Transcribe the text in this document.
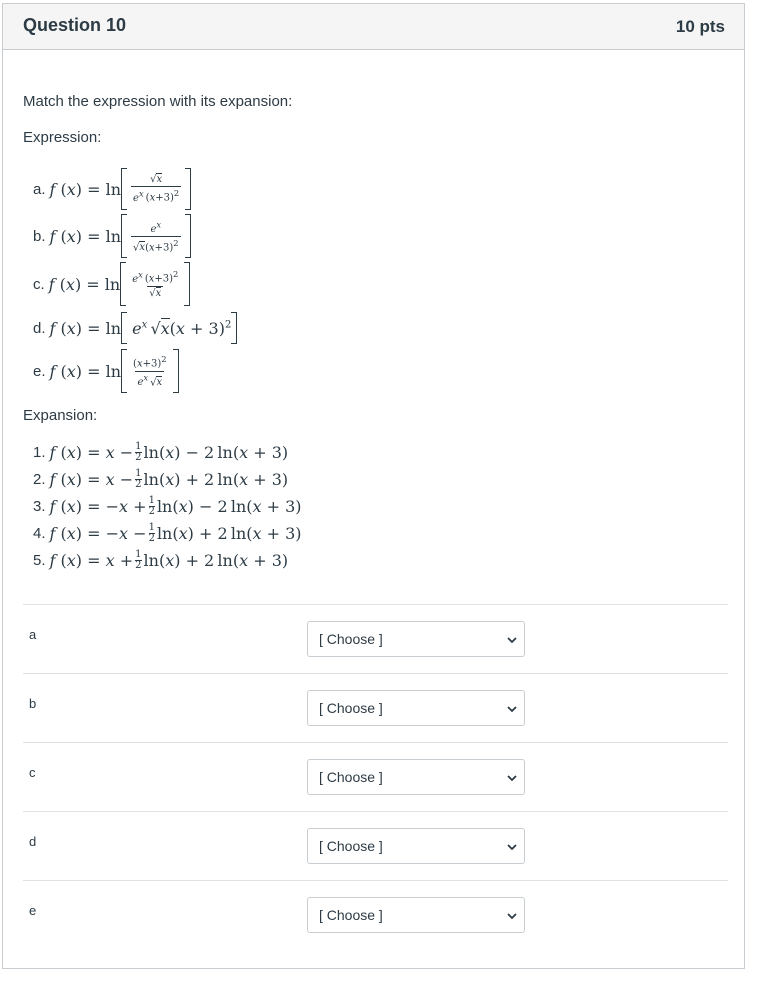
Question 10	10 pts
Match the expression with its expansion:
Expression:
a. f $(x) = \ln \frac{√x}{e^x (x+3)^2}$
b. f $(x) = \ln \frac{e^x}{√x(x+3)^2}$
c. f $(x) = \ln \frac{e^x (x+3)^2}{√x}$
d. f $(x) = \ln e^x$ $√x(x + 3)^2$
e. f $(x) = \ln \frac{(x+3)^2}{e^x √x}$
Expansion:
1. f $(x) = x - \frac{1}{2} \ln(x) - 2$ ln(x + 3)
2. f $(x) = x - \frac{1}{2} \ln(x) + 2$ ln(x + 3)
3. f $(x) = -x + \frac{1}{2} \ln(x) - 2$ ln(x + 3)
4. f $(x) = -x - \frac{1}{2} \ln(x) + 2$ ln(x + 3)
5. f $(x) = x + \frac{1}{2} \ln(x) + 2$ ln(x + 3)
a	[ Choose ]
b	[ Choose ]
c	[ Choose ]
d	[ Choose ]
e	[ Choose ]
